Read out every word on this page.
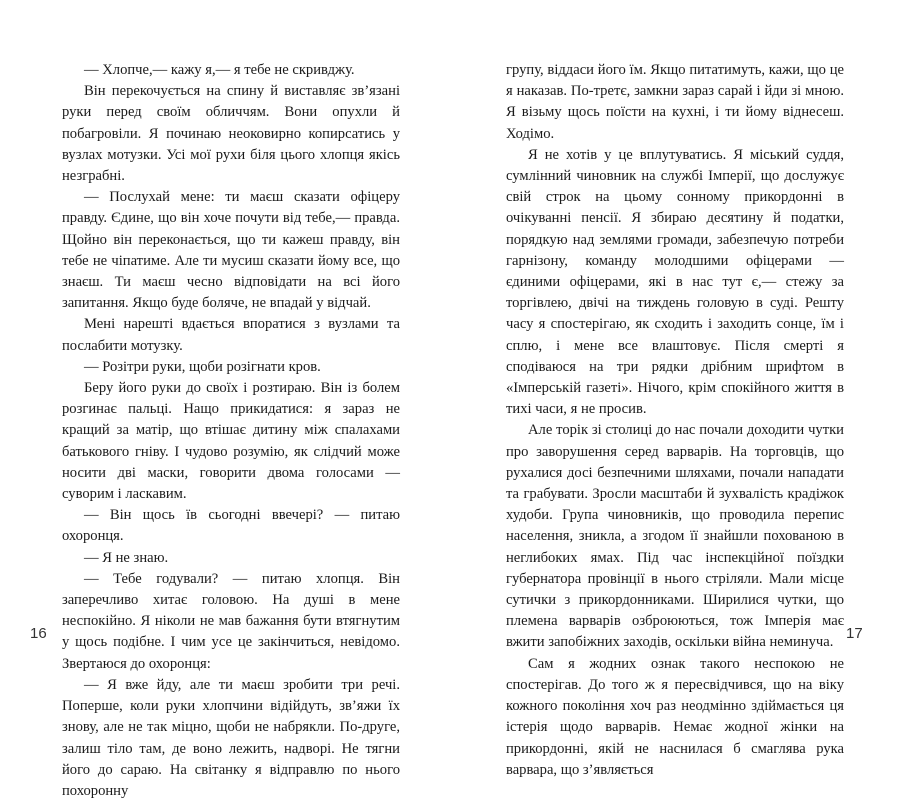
— Хлопче,— кажу я,— я тебе не скривджу.

Він перекочується на спину й виставляє зв’язані руки перед своїм обличчям. Вони опухли й побагровіли. Я починаю неоковирно копирсатись у вузлах мотузки. Усі мої рухи біля цього хлопця якісь незграбні.

— Послухай мене: ти маєш сказати офіцеру правду. Єдине, що він хоче почути від тебе,— правда. Щойно він переконається, що ти кажеш правду, він тебе не чіпатиме. Але ти мусиш сказати йому все, що знаєш. Ти маєш чесно відповідати на всі його запитання. Якщо буде боляче, не впадай у відчай.

Мені нарешті вдається впоратися з вузлами та послабити мотузку.

— Розітри руки, щоби розігнати кров.

Беру його руки до своїх і розтираю. Він із болем розгинає пальці. Нащо прикидатися: я зараз не кращий за матір, що втішає дитину між спалахами батькового гніву. І чудово розумію, як слідчий може носити дві маски, говорити двома голосами — суворим і ласкавим.

— Він щось їв сьогодні ввечері? — питаю охоронця.

— Я не знаю.

— Тебе годували? — питаю хлопця. Він заперечливо хитає головою. На душі в мене неспокійно. Я ніколи не мав бажання бути втягнутим у щось подібне. І чим усе це закінчиться, невідомо. Звертаюся до охоронця:

— Я вже йду, але ти маєш зробити три речі. Поперше, коли руки хлопчини відійдуть, зв’яжи їх знову, але не так міцно, щоби не набрякли. По-друге, залиш тіло там, де воно лежить, надворі. Не тягни його до сараю. На світанку я відправлю по нього похоронну

групу, віддаси його їм. Якщо питатимуть, кажи, що це я наказав. По-третє, замкни зараз сарай і йди зі мною. Я візьму щось поїсти на кухні, і ти йому віднесеш. Ходімо.

Я не хотів у це вплутуватись. Я міський суддя, сумлінний чиновник на службі Імперії, що дослужує свій строк на цьому сонному прикордонні в очікуванні пенсії. Я збираю десятину й податки, порядкую над землями громади, забезпечую потреби гарнізону, команду молодшими офіцерами — єдиними офіцерами, які в нас тут є,— стежу за торгівлею, двічі на тиждень головую в суді. Решту часу я спостерігаю, як сходить і заходить сонце, їм і сплю, і мене все влаштовує. Після смерті я сподіваюся на три рядки дрібним шрифтом в «Імперській газеті». Нічого, крім спокійного життя в тихі часи, я не просив.

Але торік зі столиці до нас почали доходити чутки про заворушення серед варварів. На торговців, що рухалися досі безпечними шляхами, почали нападати та грабувати. Зросли масштаби й зухвалість крадіжок худоби. Група чиновників, що проводила перепис населення, зникла, а згодом її знайшли похованою в неглибоких ямах. Під час інспекційної поїздки губернатора провінції в нього стріляли. Мали місце сутички з прикордонниками. Ширилися чутки, що племена варварів озброюються, тож Імперія має вжити запобіжних заходів, оскільки війна неминуча.

Сам я жодних ознак такого неспокою не спостерігав. До того ж я пересвідчився, що на віку кожного покоління хоч раз неодмінно здіймається ця істерія щодо варварів. Немає жодної жінки на прикордонні, якій не наснилася б смаглява рука варвара, що з’являється

16	17
